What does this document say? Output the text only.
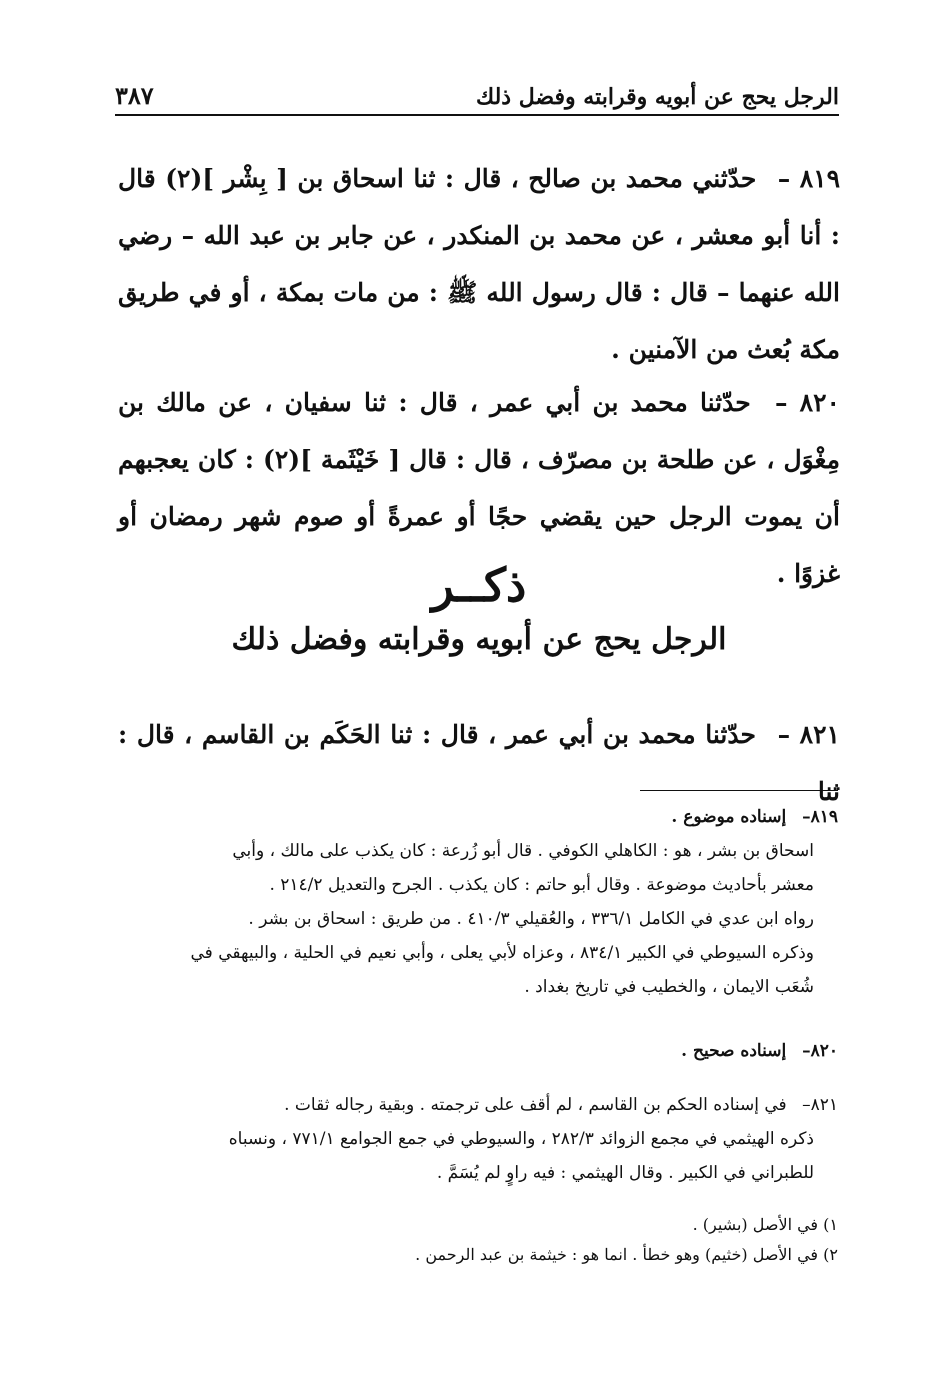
الرجل يحج عن أبويه وقرابته وفضل ذلك
٣٨٧

٨١٩ – حدّثني محمد بن صالح ، قال : ثنا اسحاق بن [ بِشْر ](٢) قال : أنا أبو معشر ، عن محمد بن المنكدر ، عن جابر بن عبد الله – رضي الله عنهما – قال : قال رسول الله ﷺ : من مات بمكة ، أو في طريق مكة بُعث من الآمنين .

٨٢٠ – حدّثنا محمد بن أبي عمر ، قال : ثنا سفيان ، عن مالك بن مِغْوَل ، عن طلحة بن مصرّف ، قال : قال [ خَيْثَمة ](٢) : كان يعجبهم أن يموت الرجل حين يقضي حجًا أو عمرةً أو صوم شهر رمضان أو غزوًا .

ذكــر
الرجل يحج عن أبويه وقرابته وفضل ذلك

٨٢١ – حدّثنا محمد بن أبي عمر ، قال : ثنا الحَكَم بن القاسم ، قال : ثنا

٨١٩– إسناده موضوع .

اسحاق بن بشر ، هو : الكاهلي الكوفي . قال أبو زُرعة : كان يكذب على مالك ، وأبي

معشر بأحاديث موضوعة . وقال أبو حاتم : كان يكذب . الجرح والتعديل ٢١٤/٢ .

رواه ابن عدي في الكامل ٣٣٦/١ ، والعُقيلي ٤١٠/٣ . من طريق : اسحاق بن بشر .

وذكره السيوطي في الكبير ٨٣٤/١ ، وعزاه لأبي يعلى ، وأبي نعيم في الحلية ، والبيهقي في

شُعَب الايمان ، والخطيب في تاريخ بغداد .

٨٢٠– إسناده صحيح .
٨٢١– في إسناده الحكم بن القاسم ، لم أقف على ترجمته . وبقية رجاله ثقات .

ذكره الهيثمي في مجمع الزوائد ٢٨٢/٣ ، والسيوطي في جمع الجوامع ٧٧١/١ ، ونسباه

للطبراني في الكبير . وقال الهيثمي : فيه راوٍ لم يُسَمَّ .

١) في الأصل (بشير) .
٢) في الأصل (خثيم) وهو خطأ . انما هو : خيثمة بن عبد الرحمن .
